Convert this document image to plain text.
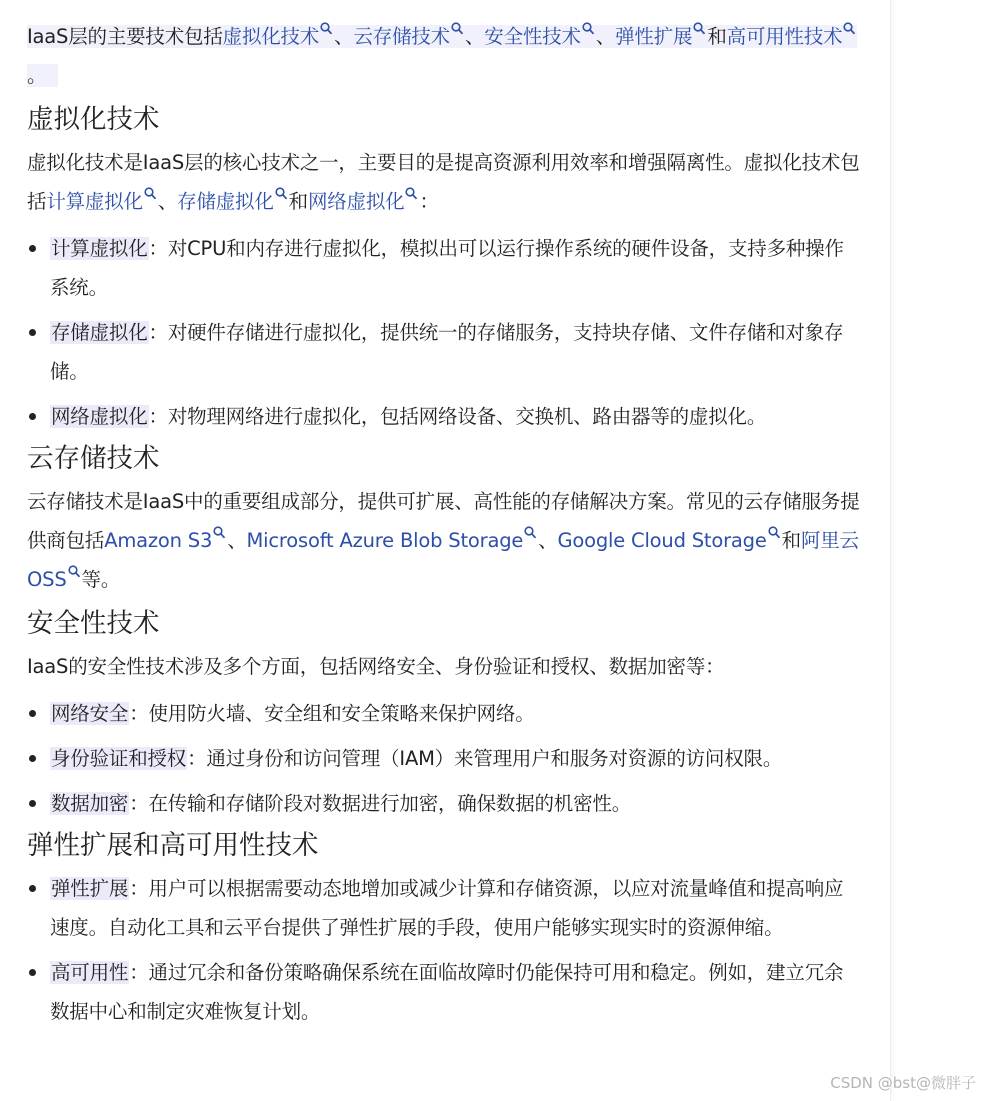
IaaS层的主要技术包括虚拟化技术 、云存储技术 、安全性技术 、弹性扩展 和高可用性技术
。

虚拟化技术

虚拟化技术是IaaS层的核心技术之一，主要目的是提高资源利用效率和增强隔离性。虚拟化技术包括计算虚拟化 、存储虚拟化 和网络虚拟化 ：

计算虚拟化：对CPU和内存进行虚拟化，模拟出可以运行操作系统的硬件设备，支持多种操作系统。
存储虚拟化：对硬件存储进行虚拟化，提供统一的存储服务，支持块存储、文件存储和对象存储。
网络虚拟化：对物理网络进行虚拟化，包括网络设备、交换机、路由器等的虚拟化。
云存储技术

云存储技术是IaaS中的重要组成部分，提供可扩展、高性能的存储解决方案。常见的云存储服务提供商包括Amazon S3 、Microsoft Azure Blob Storage 、Google Cloud Storage 和阿里云OSS 等。

安全性技术

IaaS的安全性技术涉及多个方面，包括网络安全、身份验证和授权、数据加密等：

网络安全：使用防火墙、安全组和安全策略来保护网络。
身份验证和授权：通过身份和访问管理（IAM）来管理用户和服务对资源的访问权限。
数据加密：在传输和存储阶段对数据进行加密，确保数据的机密性。
弹性扩展和高可用性技术
弹性扩展：用户可以根据需要动态地增加或减少计算和存储资源，以应对流量峰值和提高响应速度。自动化工具和云平台提供了弹性扩展的手段，使用户能够实现实时的资源伸缩。
高可用性：通过冗余和备份策略确保系统在面临故障时仍能保持可用和稳定。例如，建立冗余数据中心和制定灾难恢复计划。
CSDN @bst@微胖子
